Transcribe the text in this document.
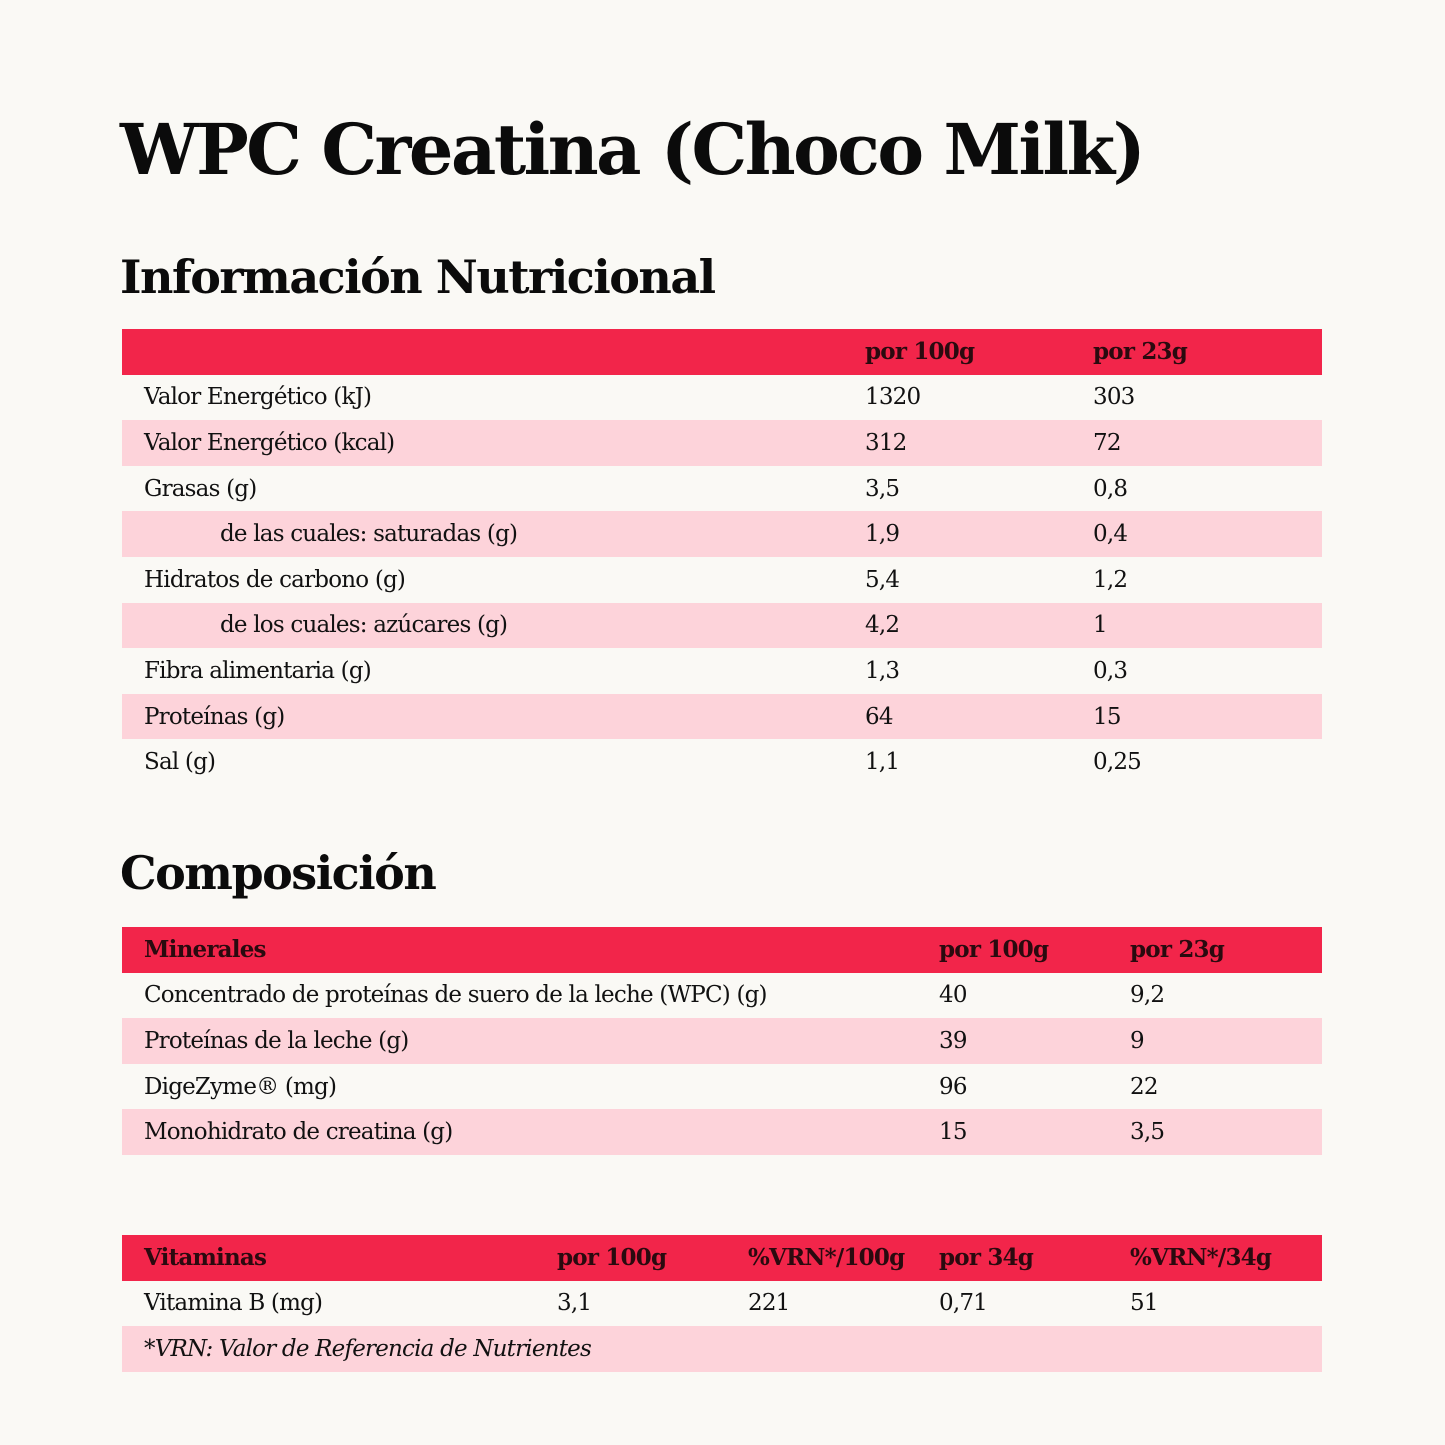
WPC Creatina (Choco Milk)
Información Nutricional
	por 100g	por 23g
Valor Energético (kJ)	1320	303
Valor Energético (kcal)	312	72
Grasas (g)	3,5	0,8
de las cuales: saturadas (g)	1,9	0,4
Hidratos de carbono (g)	5,4	1,2
de los cuales: azúcares (g)	4,2	1
Fibra alimentaria (g)	1,3	0,3
Proteínas (g)	64	15
Sal (g)	1,1	0,25
Composición
Minerales	por 100g	por 23g
Concentrado de proteínas de suero de la leche (WPC) (g)	40	9,2
Proteínas de la leche (g)	39	9
DigeZyme® (mg)	96	22
Monohidrato de creatina (g)	15	3,5
Vitaminas	por 100g	%VRN*/100g	por 34g	%VRN*/34g
Vitamina B (mg)	3,1	221	0,71	51
*VRN: Valor de Referencia de Nutrientes				
